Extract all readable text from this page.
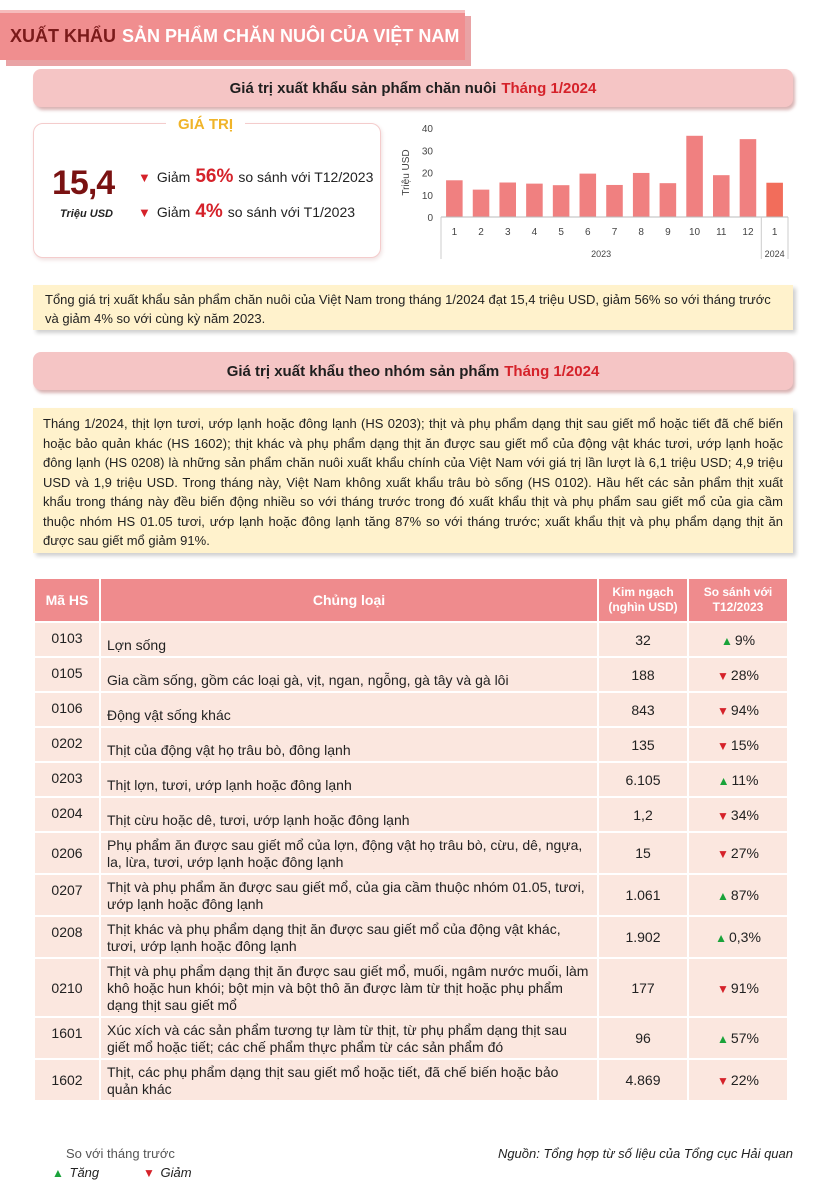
XUẤT KHẨU SẢN PHẨM CHĂN NUÔI CỦA VIỆT NAM
Giá trị xuất khẩu sản phẩm chăn nuôi Tháng 1/2024
GIÁ TRỊ
15,4
Triệu USD
▼ Giảm 56% so sánh với T12/2023
▼ Giảm 4% so sánh với T1/2023	0
10
20
30
40
Triệu USD
1 2 3 4 5 6 7 8 9 10 11 12 1
2023	2024
Tổng giá trị xuất khẩu sản phẩm chăn nuôi của Việt Nam trong tháng 1/2024 đạt 15,4 triệu USD, giảm 56% so với tháng trước và giảm 4% so với cùng kỳ năm 2023.
Giá trị xuất khẩu theo nhóm sản phẩm Tháng 1/2024
Tháng 1/2024, thịt lợn tươi, ướp lạnh hoặc đông lạnh (HS 0203); thịt và phụ phẩm dạng thịt sau giết mổ hoặc tiết đã chế biến hoặc bảo quản khác (HS 1602); thịt khác và phụ phẩm dạng thịt ăn được sau giết mổ của động vật khác tươi, ướp lạnh hoặc đông lạnh (HS 0208) là những sản phẩm chăn nuôi xuất khẩu chính của Việt Nam với giá trị lần lượt là 6,1 triệu USD; 4,9 triệu USD và 1,9 triệu USD. Trong tháng này, Việt Nam không xuất khẩu trâu bò sống (HS 0102). Hầu hết các sản phẩm thịt xuất khẩu trong tháng này đều biến động nhiều so với tháng trước trong đó xuất khẩu thịt và phụ phẩm sau giết mổ của gia cầm thuộc nhóm HS 01.05 tươi, ướp lạnh hoặc đông lạnh tăng 87% so với tháng trước; xuất khẩu thịt và phụ phẩm dạng thịt ăn được sau giết mổ giảm 91%.
Mã HS	Chủng loại	Kim ngạch (nghìn USD)	So sánh với T12/2023
0103	Lợn sống	32	▲ 9%
0105	Gia cầm sống, gồm các loại gà, vịt, ngan, ngỗng, gà tây và gà lôi	188	▼ 28%
0106	Động vật sống khác	843	▼ 94%
0202	Thịt của động vật họ trâu bò, đông lạnh	135	▼ 15%
0203	Thịt lợn, tươi, ướp lạnh hoặc đông lạnh	6.105	▲ 11%
0204	Thịt cừu hoặc dê, tươi, ướp lạnh hoặc đông lạnh	1,2	▼ 34%
0206	Phụ phẩm ăn được sau giết mổ của lợn, động vật họ trâu bò, cừu, dê, ngựa, la, lừa, tươi, ướp lạnh hoặc đông lạnh	15	▼ 27%
0207	Thịt và phụ phẩm ăn được sau giết mổ, của gia cầm thuộc nhóm 01.05, tươi, ướp lạnh hoặc đông lạnh	1.061	▲ 87%
0208	Thịt khác và phụ phẩm dạng thịt ăn được sau giết mổ của động vật khác, tươi, ướp lạnh hoặc đông lạnh	1.902	▲ 0,3%
0210	Thịt và phụ phẩm dạng thịt ăn được sau giết mổ, muối, ngâm nước muối, làm khô hoặc hun khói; bột mịn và bột thô ăn được làm từ thịt hoặc phụ phẩm dạng thịt sau giết mổ	177	▼ 91%
1601	Xúc xích và các sản phẩm tương tự làm từ thịt, từ phụ phẩm dạng thịt sau giết mổ hoặc tiết; các chế phẩm thực phẩm từ các sản phẩm đó	96	▲ 57%
1602	Thịt, các phụ phẩm dạng thịt sau giết mổ hoặc tiết, đã chế biến hoặc bảo quản khác	4.869	▼ 22%
So với tháng trước
▲ Tăng	▼ Giảm
Nguồn: Tổng hợp từ số liệu của Tổng cục Hải quan
